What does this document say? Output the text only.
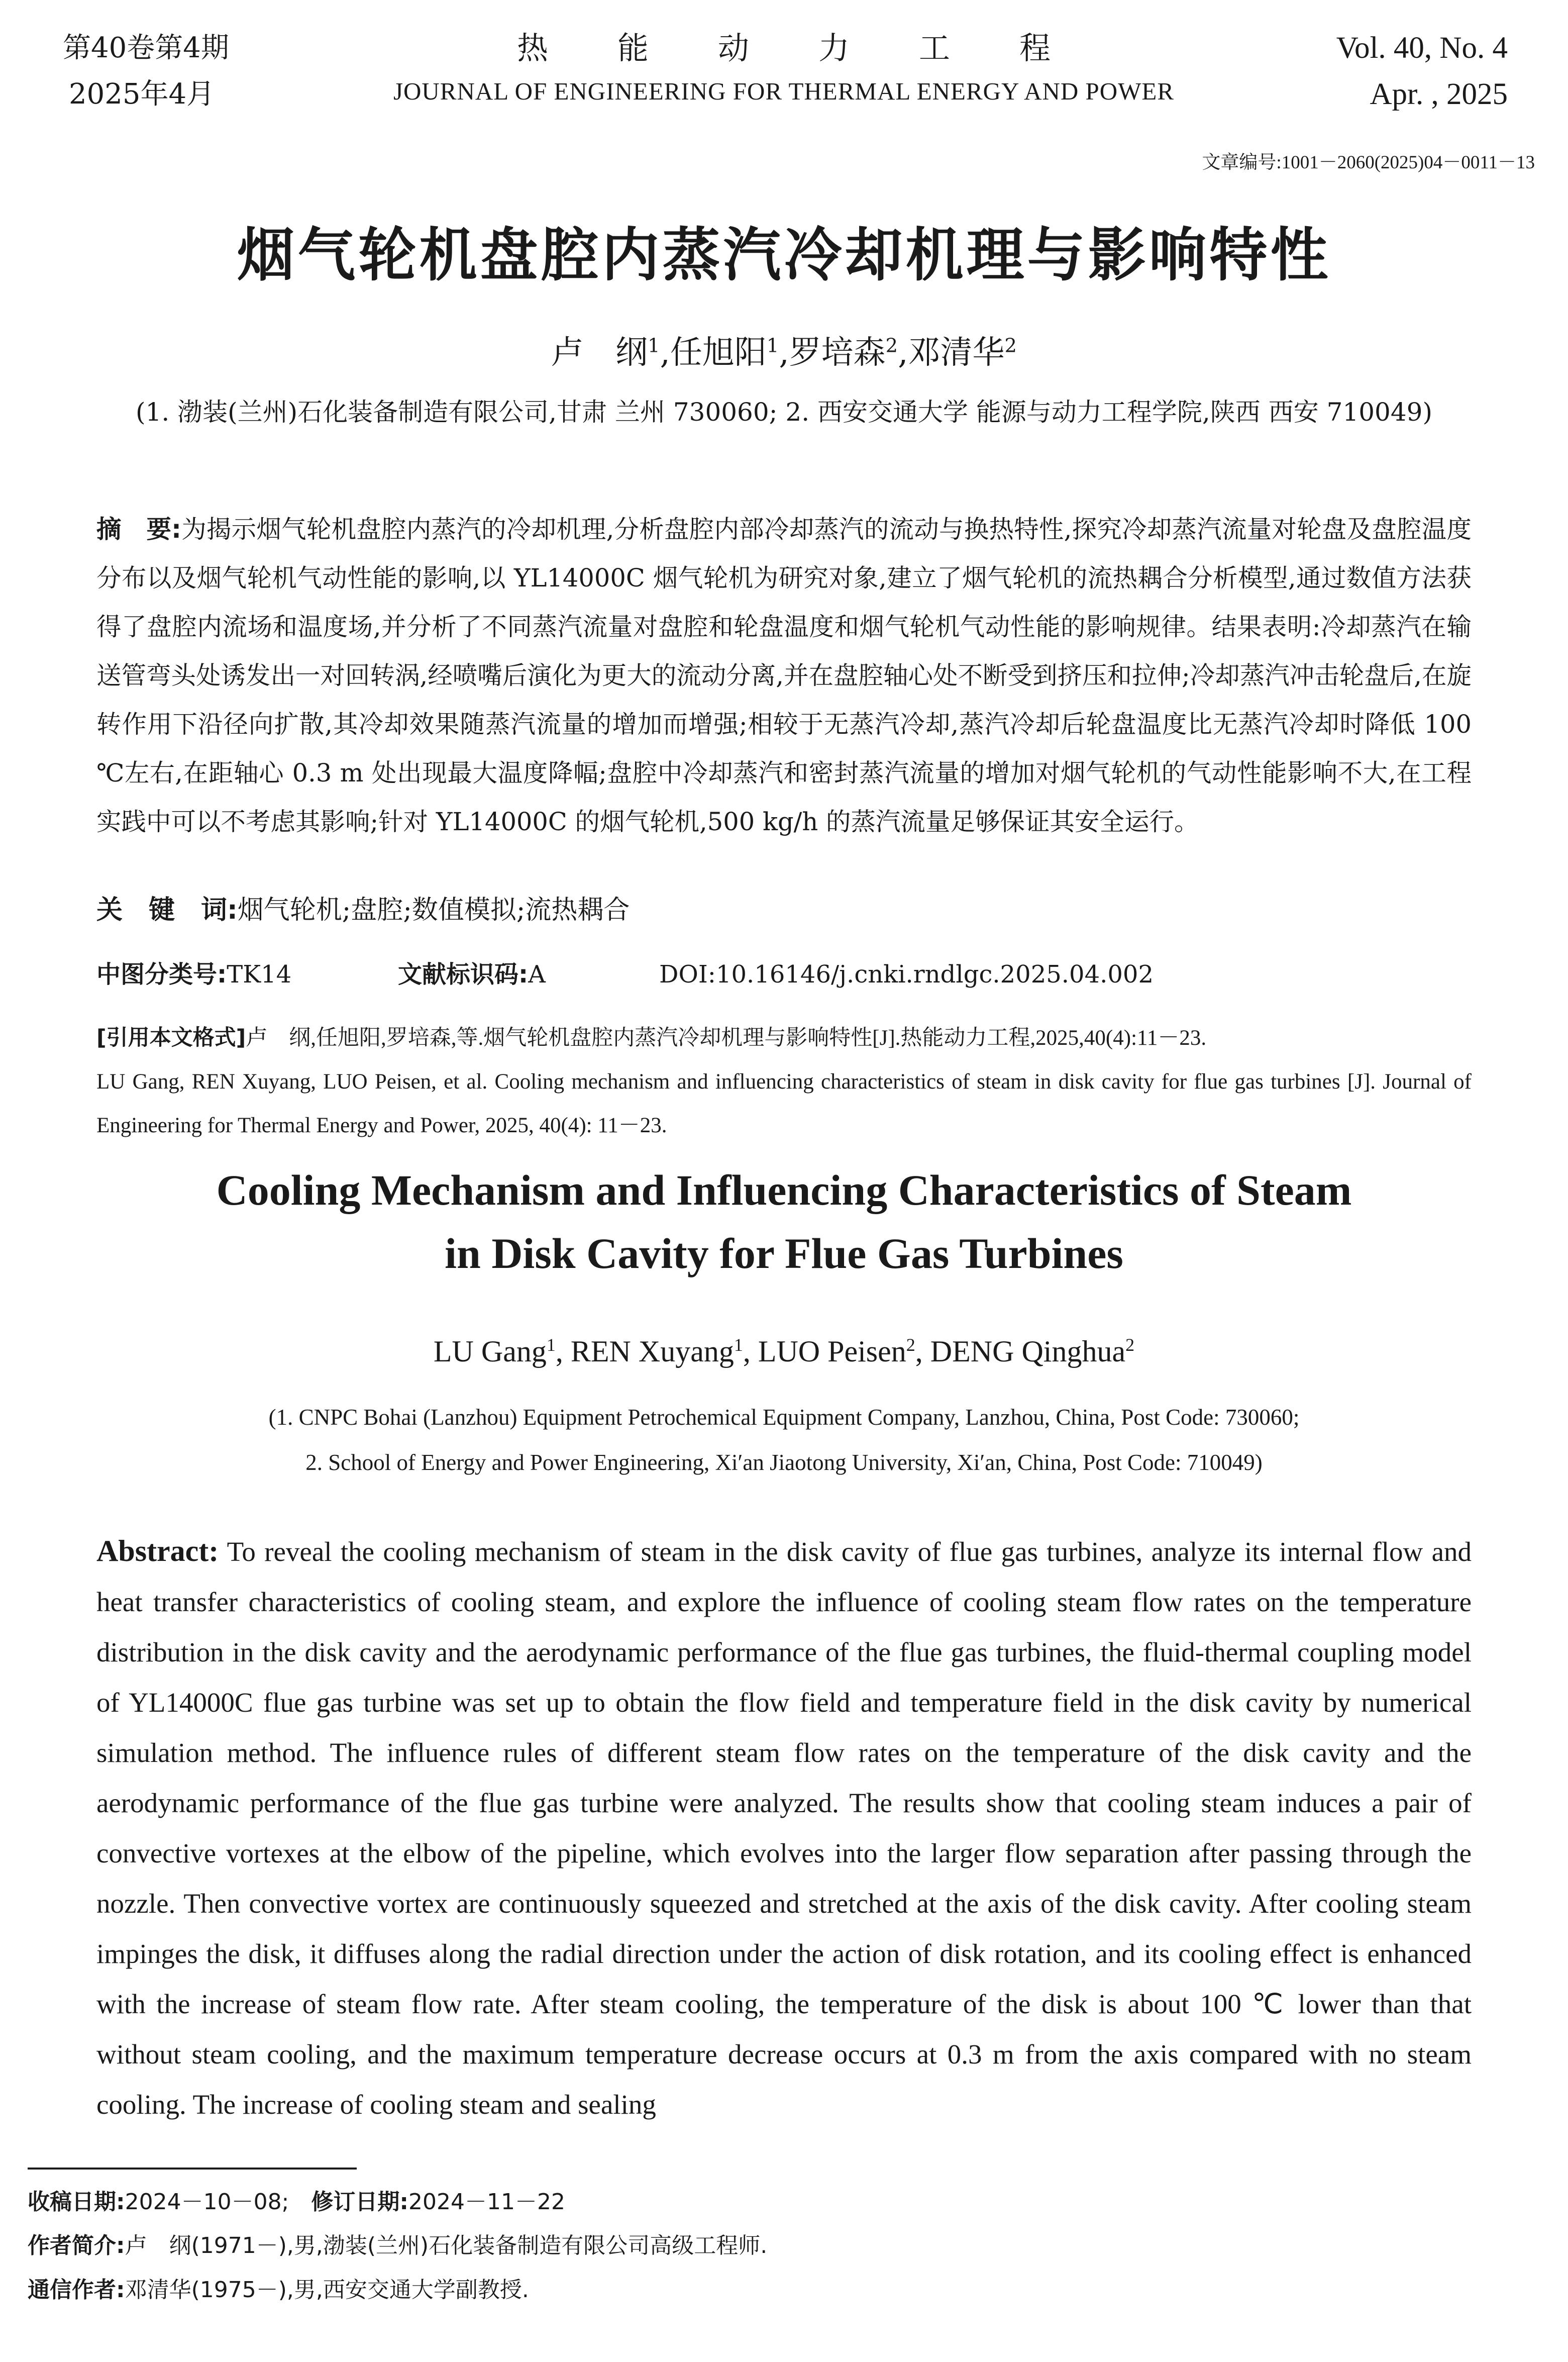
第40卷第4期
2025年4月
热能动力工程
JOURNAL OF ENGINEERING FOR THERMAL ENERGY AND POWER
Vol. 40, No. 4
Apr. , 2025
文章编号:1001－2060(2025)04－0011－13
烟气轮机盘腔内蒸汽冷却机理与影响特性
卢　纲$^1$,任旭阳$^1$,罗培森$^2$,邓清华$^2$
(1. 渤装(兰州)石化装备制造有限公司,甘肃 兰州 730060; 2. 西安交通大学 能源与动力工程学院,陕西 西安 710049)
摘　要:为揭示烟气轮机盘腔内蒸汽的冷却机理,分析盘腔内部冷却蒸汽的流动与换热特性,探究冷却蒸汽流量对轮盘及盘腔温度分布以及烟气轮机气动性能的影响,以 YL14000C 烟气轮机为研究对象,建立了烟气轮机的流热耦合分析模型,通过数值方法获得了盘腔内流场和温度场,并分析了不同蒸汽流量对盘腔和轮盘温度和烟气轮机气动性能的影响规律。结果表明:冷却蒸汽在输送管弯头处诱发出一对回转涡,经喷嘴后演化为更大的流动分离,并在盘腔轴心处不断受到挤压和拉伸;冷却蒸汽冲击轮盘后,在旋转作用下沿径向扩散,其冷却效果随蒸汽流量的增加而增强;相较于无蒸汽冷却,蒸汽冷却后轮盘温度比无蒸汽冷却时降低 100 ℃左右,在距轴心 0.3 m 处出现最大温度降幅;盘腔中冷却蒸汽和密封蒸汽流量的增加对烟气轮机的气动性能影响不大,在工程实践中可以不考虑其影响;针对 YL14000C 的烟气轮机,500 kg/h 的蒸汽流量足够保证其安全运行。
关　键　词:烟气轮机;盘腔;数值模拟;流热耦合
中图分类号:TK14	文献标识码:A	DOI:10.16146/j.cnki.rndlgc.2025.04.002
[引用本文格式]卢　纲,任旭阳,罗培森,等.烟气轮机盘腔内蒸汽冷却机理与影响特性[J].热能动力工程,2025,40(4):11－23.
LU Gang, REN Xuyang, LUO Peisen, et al. Cooling mechanism and influencing characteristics of steam in disk cavity for flue gas turbines [J]. Journal of Engineering for Thermal Energy and Power, 2025, 40(4): 11－23.
Cooling Mechanism and Influencing Characteristics of Steam
in Disk Cavity for Flue Gas Turbines
LU Gang$^1$, REN Xuyang$^1$, LUO Peisen$^2$, DENG Qinghua$^2$
(1. CNPC Bohai (Lanzhou) Equipment Petrochemical Equipment Company, Lanzhou, China, Post Code: 730060;
2. School of Energy and Power Engineering, Xi′an Jiaotong University, Xi′an, China, Post Code: 710049)
Abstract: To reveal the cooling mechanism of steam in the disk cavity of flue gas turbines, analyze its internal flow and heat transfer characteristics of cooling steam, and explore the influence of cooling steam flow rates on the temperature distribution in the disk cavity and the aerodynamic performance of the flue gas turbines, the fluid-thermal coupling model of YL14000C flue gas turbine was set up to obtain the flow field and temperature field in the disk cavity by numerical simulation method. The influence rules of different steam flow rates on the temperature of the disk cavity and the aerodynamic performance of the flue gas turbine were analyzed. The results show that cooling steam induces a pair of convective vortexes at the elbow of the pipeline, which evolves into the larger flow separation after passing through the nozzle. Then convective vortex are continuously squeezed and stretched at the axis of the disk cavity. After cooling steam impinges the disk, it diffuses along the radial direction under the action of disk rotation, and its cooling effect is enhanced with the increase of steam flow rate. After steam cooling, the temperature of the disk is about 100 ℃ lower than that without steam cooling, and the maximum temperature decrease occurs at 0.3 m from the axis compared with no steam cooling. The increase of cooling steam and sealing
收稿日期:2024－10－08;　 修订日期:2024－11－22
作者简介:卢　纲(1971－),男,渤装(兰州)石化装备制造有限公司高级工程师.
通信作者:邓清华(1975－),男,西安交通大学副教授.
